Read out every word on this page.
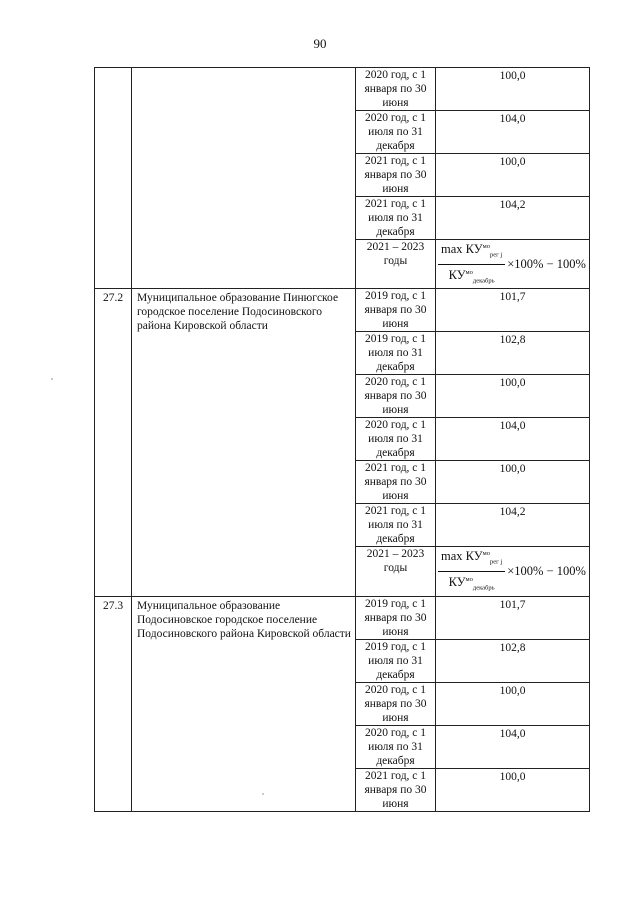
90
		2020 год, с 1 января по 30 июня	100,0
		2020 год, с 1 июля по 31 декабря	104,0
		2021 год, с 1 января по 30 июня	100,0
		2021 год, с 1 июля по 31 декабря	104,2
		2021 – 2023 годы	$\frac{\max КУ^{мо}_{рег j}}{КУ^{мо}_{декабрь}} \times 100\% - 100\%$

27.2	Муниципальное образование Пинюгское городское поселение Подосиновского района Кировской области	2019 год, с 1 января по 30 июня	101,7
		2019 год, с 1 июля по 31 декабря	102,8
		2020 год, с 1 января по 30 июня	100,0
		2020 год, с 1 июля по 31 декабря	104,0
		2021 год, с 1 января по 30 июня	100,0
		2021 год, с 1 июля по 31 декабря	104,2
		2021 – 2023 годы	$\frac{\max КУ^{мо}_{рег j}}{КУ^{мо}_{декабрь}} \times 100\% - 100\%$

27.3	Муниципальное образование Подосиновское городское поселение Подосиновского района Кировской области	2019 год, с 1 января по 30 июня	101,7
		2019 год, с 1 июля по 31 декабря	102,8
		2020 год, с 1 января по 30 июня	100,0
		2020 год, с 1 июля по 31 декабря	104,0
		2021 год, с 1 января по 30 июня	100,0
